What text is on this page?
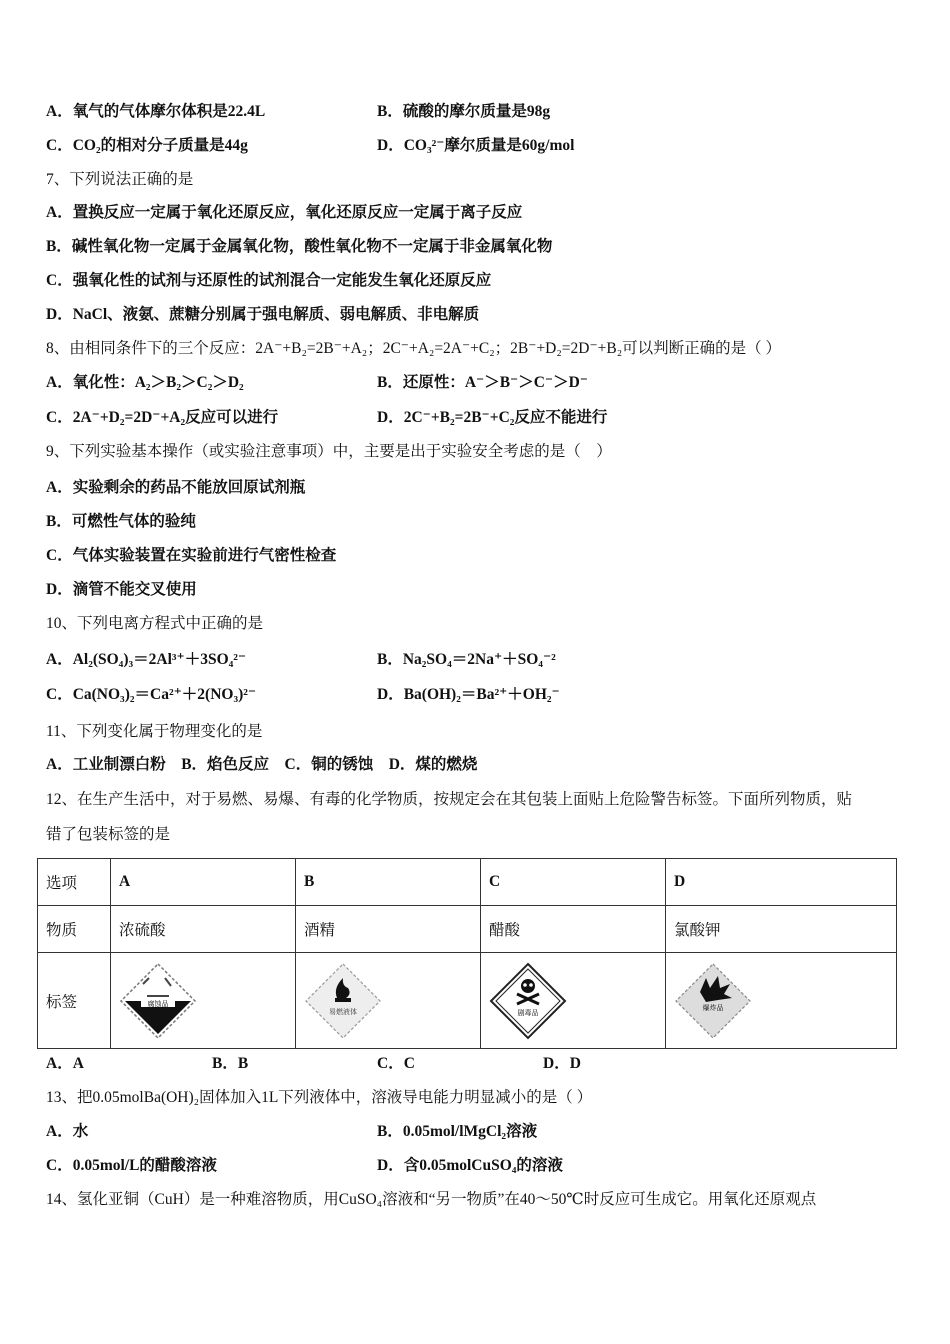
A．氧气的气体摩尔体积是22.4L	B．硫酸的摩尔质量是98g
C．CO₂的相对分子质量是44g	D．CO₃²⁻摩尔质量是60g/mol
7、下列说法正确的是
A．置换反应一定属于氧化还原反应，氧化还原反应一定属于离子反应
B．碱性氧化物一定属于金属氧化物，酸性氧化物不一定属于非金属氧化物
C．强氧化性的试剂与还原性的试剂混合一定能发生氧化还原反应
D．NaCl、液氨、蔗糖分别属于强电解质、弱电解质、非电解质
8、由相同条件下的三个反应：2A⁻+B₂=2B⁻+A₂；2C⁻+A₂=2A⁻+C₂；2B⁻+D₂=2D⁻+B₂可以判断正确的是（ ）
A．氧化性：A₂＞B₂＞C₂＞D₂	B．还原性：A⁻＞B⁻＞C⁻＞D⁻
C．2A⁻+D₂=2D⁻+A₂反应可以进行	D．2C⁻+B₂=2B⁻+C₂反应不能进行
9、下列实验基本操作（或实验注意事项）中，主要是出于实验安全考虑的是（　）
A．实验剩余的药品不能放回原试剂瓶
B．可燃性气体的验纯
C．气体实验装置在实验前进行气密性检查
D．滴管不能交叉使用
10、下列电离方程式中正确的是
A．Al₂(SO₄)₃＝2Al³⁺＋3SO₄²⁻	B．Na₂SO₄＝2Na⁺＋SO₄⁻²
C．Ca(NO₃)₂＝Ca²⁺＋2(NO₃)²⁻	D．Ba(OH)₂＝Ba²⁺＋OH₂⁻
11、下列变化属于物理变化的是
A．工业制漂白粉　B．焰色反应　C．铜的锈蚀　D．煤的燃烧
12、在生产生活中，对于易燃、易爆、有毒的化学物质，按规定会在其包装上面贴上危险警告标签。下面所列物质，贴
错了包装标签的是
选项	A	B	C	D
物质	浓硫酸	酒精	醋酸	氯酸钾
标签	腐蚀品	易燃液体	剧毒品	爆炸品
A．A	B．B	C．C	D．D
13、把0.05molBa(OH)₂固体加入1L下列液体中，溶液导电能力明显减小的是（ ）
A．水	B．0.05mol/lMgCl₂溶液
C．0.05mol/L的醋酸溶液	D．含0.05molCuSO₄的溶液
14、氢化亚铜（CuH）是一种难溶物质，用CuSO₄溶液和“另一物质”在40～50℃时反应可生成它。用氧化还原观点
